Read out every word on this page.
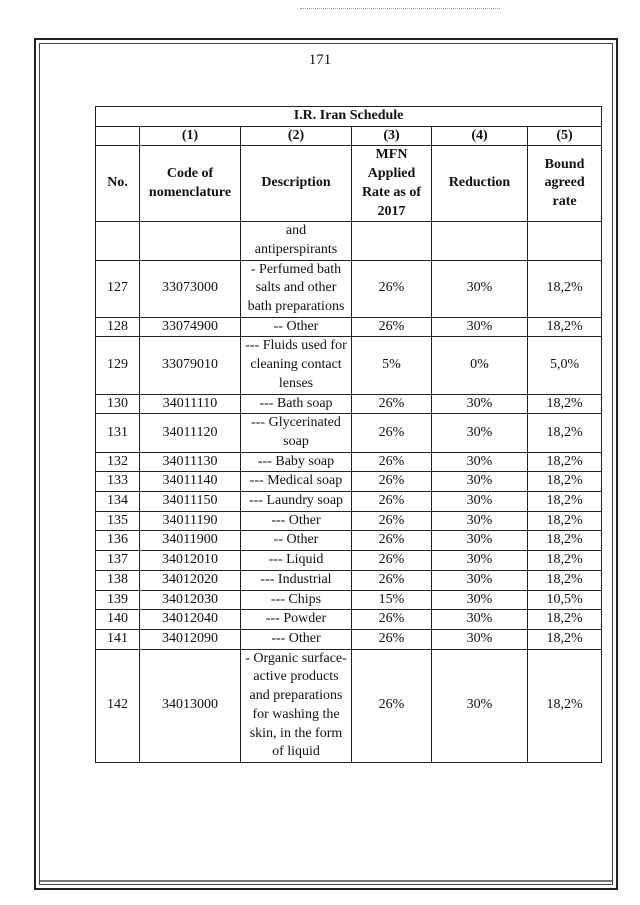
171
I.R. Iran Schedule					
	(1)	(2)	(3)	(4)	(5)
No.	Code of nomenclature	Description	MFN Applied Rate as of 2017	Reduction	Bound agreed rate
		and antiperspirants			
127	33073000	- Perfumed bath salts and other bath preparations	26%	30%	18,2%
128	33074900	-- Other	26%	30%	18,2%
129	33079010	--- Fluids used for cleaning contact lenses	5%	0%	5,0%
130	34011110	--- Bath soap	26%	30%	18,2%
131	34011120	--- Glycerinated soap	26%	30%	18,2%
132	34011130	--- Baby soap	26%	30%	18,2%
133	34011140	--- Medical soap	26%	30%	18,2%
134	34011150	--- Laundry soap	26%	30%	18,2%
135	34011190	--- Other	26%	30%	18,2%
136	34011900	-- Other	26%	30%	18,2%
137	34012010	--- Liquid	26%	30%	18,2%
138	34012020	--- Industrial	26%	30%	18,2%
139	34012030	--- Chips	15%	30%	10,5%
140	34012040	--- Powder	26%	30%	18,2%
141	34012090	--- Other	26%	30%	18,2%
142	34013000	- Organic surface-active products and preparations for washing the skin, in the form of liquid	26%	30%	18,2%
